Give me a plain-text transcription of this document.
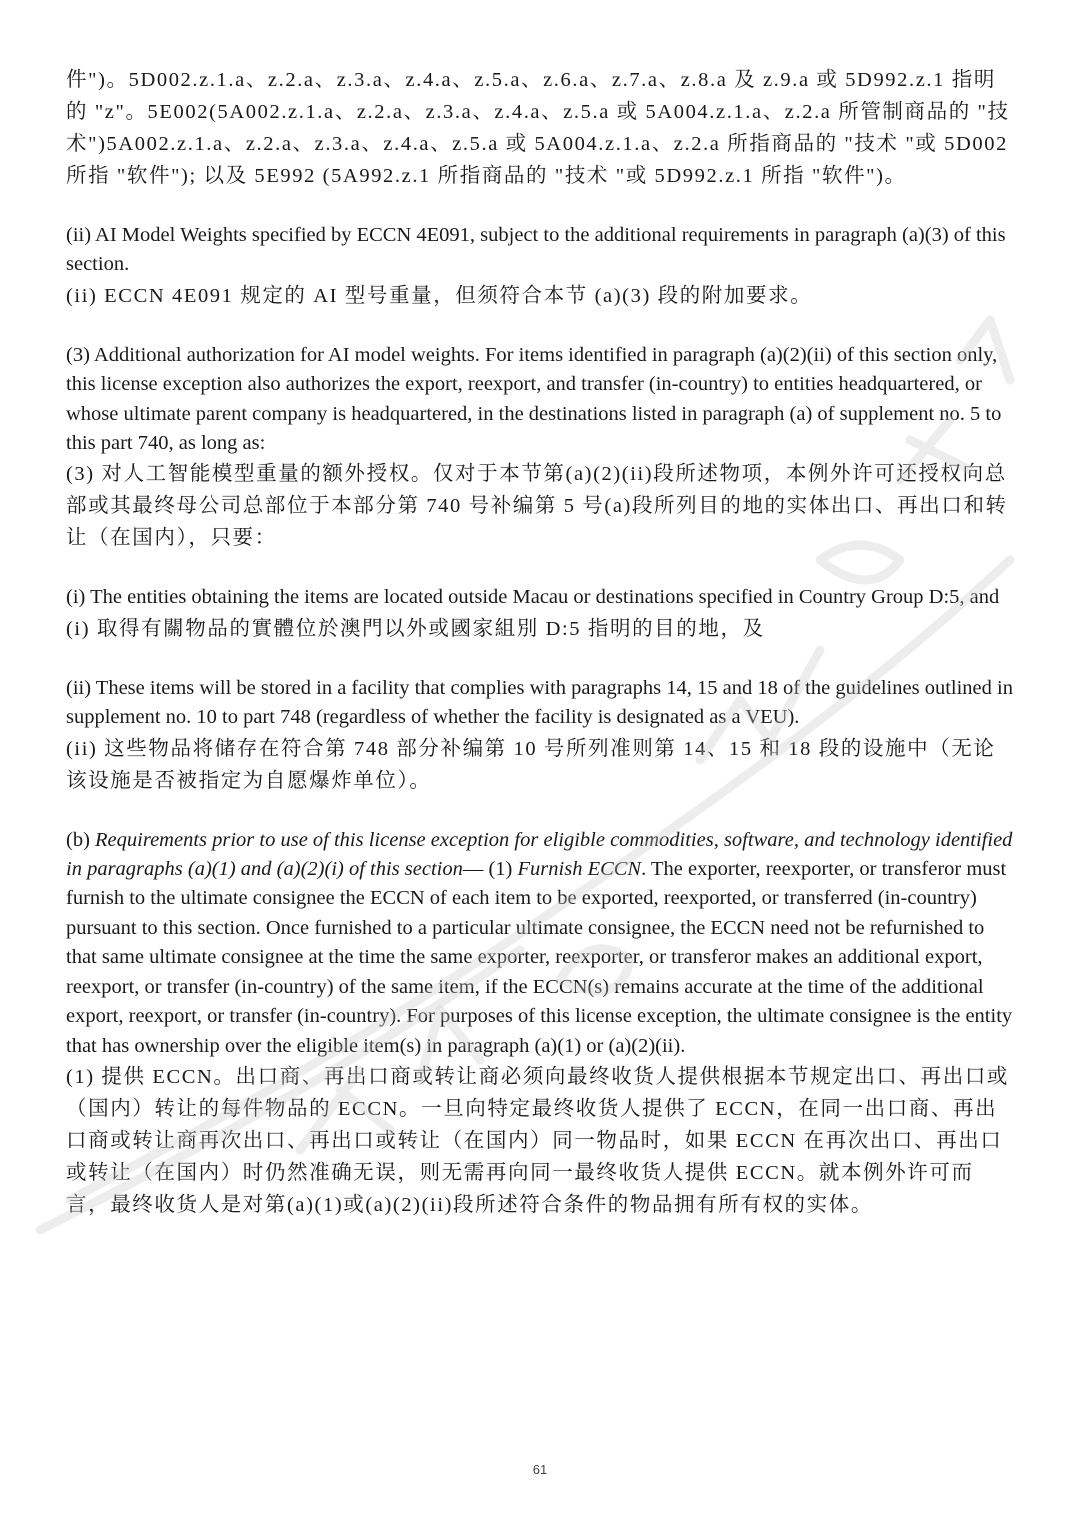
件")。5D002.z.1.a、z.2.a、z.3.a、z.4.a、z.5.a、z.6.a、z.7.a、z.8.a 及 z.9.a 或 5D992.z.1 指明的 "z"。5E002(5A002.z.1.a、z.2.a、z.3.a、z.4.a、z.5.a 或 5A004.z.1.a、z.2.a 所管制商品的 "技术")5A002.z.1.a、z.2.a、z.3.a、z.4.a、z.5.a 或 5A004.z.1.a、z.2.a 所指商品的 "技术 "或 5D002 所指 "软件"); 以及 5E992 (5A992.z.1 所指商品的 "技术 "或 5D992.z.1 所指 "软件")。

(ii) AI Model Weights specified by ECCN 4E091, subject to the additional requirements in paragraph (a)(3) of this section.

(ii) ECCN 4E091 规定的 AI 型号重量，但须符合本节 (a)(3) 段的附加要求。

(3) Additional authorization for AI model weights. For items identified in paragraph (a)(2)(ii) of this section only, this license exception also authorizes the export, reexport, and transfer (in-country) to entities headquartered, or whose ultimate parent company is headquartered, in the destinations listed in paragraph (a) of supplement no. 5 to this part 740, as long as:

(3) 对人工智能模型重量的额外授权。仅对于本节第(a)(2)(ii)段所述物项，本例外许可还授权向总部或其最终母公司总部位于本部分第 740 号补编第 5 号(a)段所列目的地的实体出口、再出口和转让（在国内），只要：

(i) The entities obtaining the items are located outside Macau or destinations specified in Country Group D:5, and

(i) 取得有關物品的實體位於澳門以外或國家組別 D:5 指明的目的地，及

(ii) These items will be stored in a facility that complies with paragraphs 14, 15 and 18 of the guidelines outlined in supplement no. 10 to part 748 (regardless of whether the facility is designated as a VEU).

(ii) 这些物品将储存在符合第 748 部分补编第 10 号所列准则第 14、15 和 18 段的设施中（无论该设施是否被指定为自愿爆炸单位）。

(b) Requirements prior to use of this license exception for eligible commodities, software, and technology identified in paragraphs (a)(1) and (a)(2)(i) of this section— (1) Furnish ECCN. The exporter, reexporter, or transferor must furnish to the ultimate consignee the ECCN of each item to be exported, reexported, or transferred (in-country) pursuant to this section. Once furnished to a particular ultimate consignee, the ECCN need not be refurnished to that same ultimate consignee at the time the same exporter, reexporter, or transferor makes an additional export, reexport, or transfer (in-country) of the same item, if the ECCN(s) remains accurate at the time of the additional export, reexport, or transfer (in-country). For purposes of this license exception, the ultimate consignee is the entity that has ownership over the eligible item(s) in paragraph (a)(1) or (a)(2)(ii).

(1) 提供 ECCN。出口商、再出口商或转让商必须向最终收货人提供根据本节规定出口、再出口或（国内）转让的每件物品的 ECCN。一旦向特定最终收货人提供了 ECCN，在同一出口商、再出口商或转让商再次出口、再出口或转让（在国内）同一物品时，如果 ECCN 在再次出口、再出口或转让（在国内）时仍然准确无误，则无需再向同一最终收货人提供 ECCN。就本例外许可而言，最终收货人是对第(a)(1)或(a)(2)(ii)段所述符合条件的物品拥有所有权的实体。

61
